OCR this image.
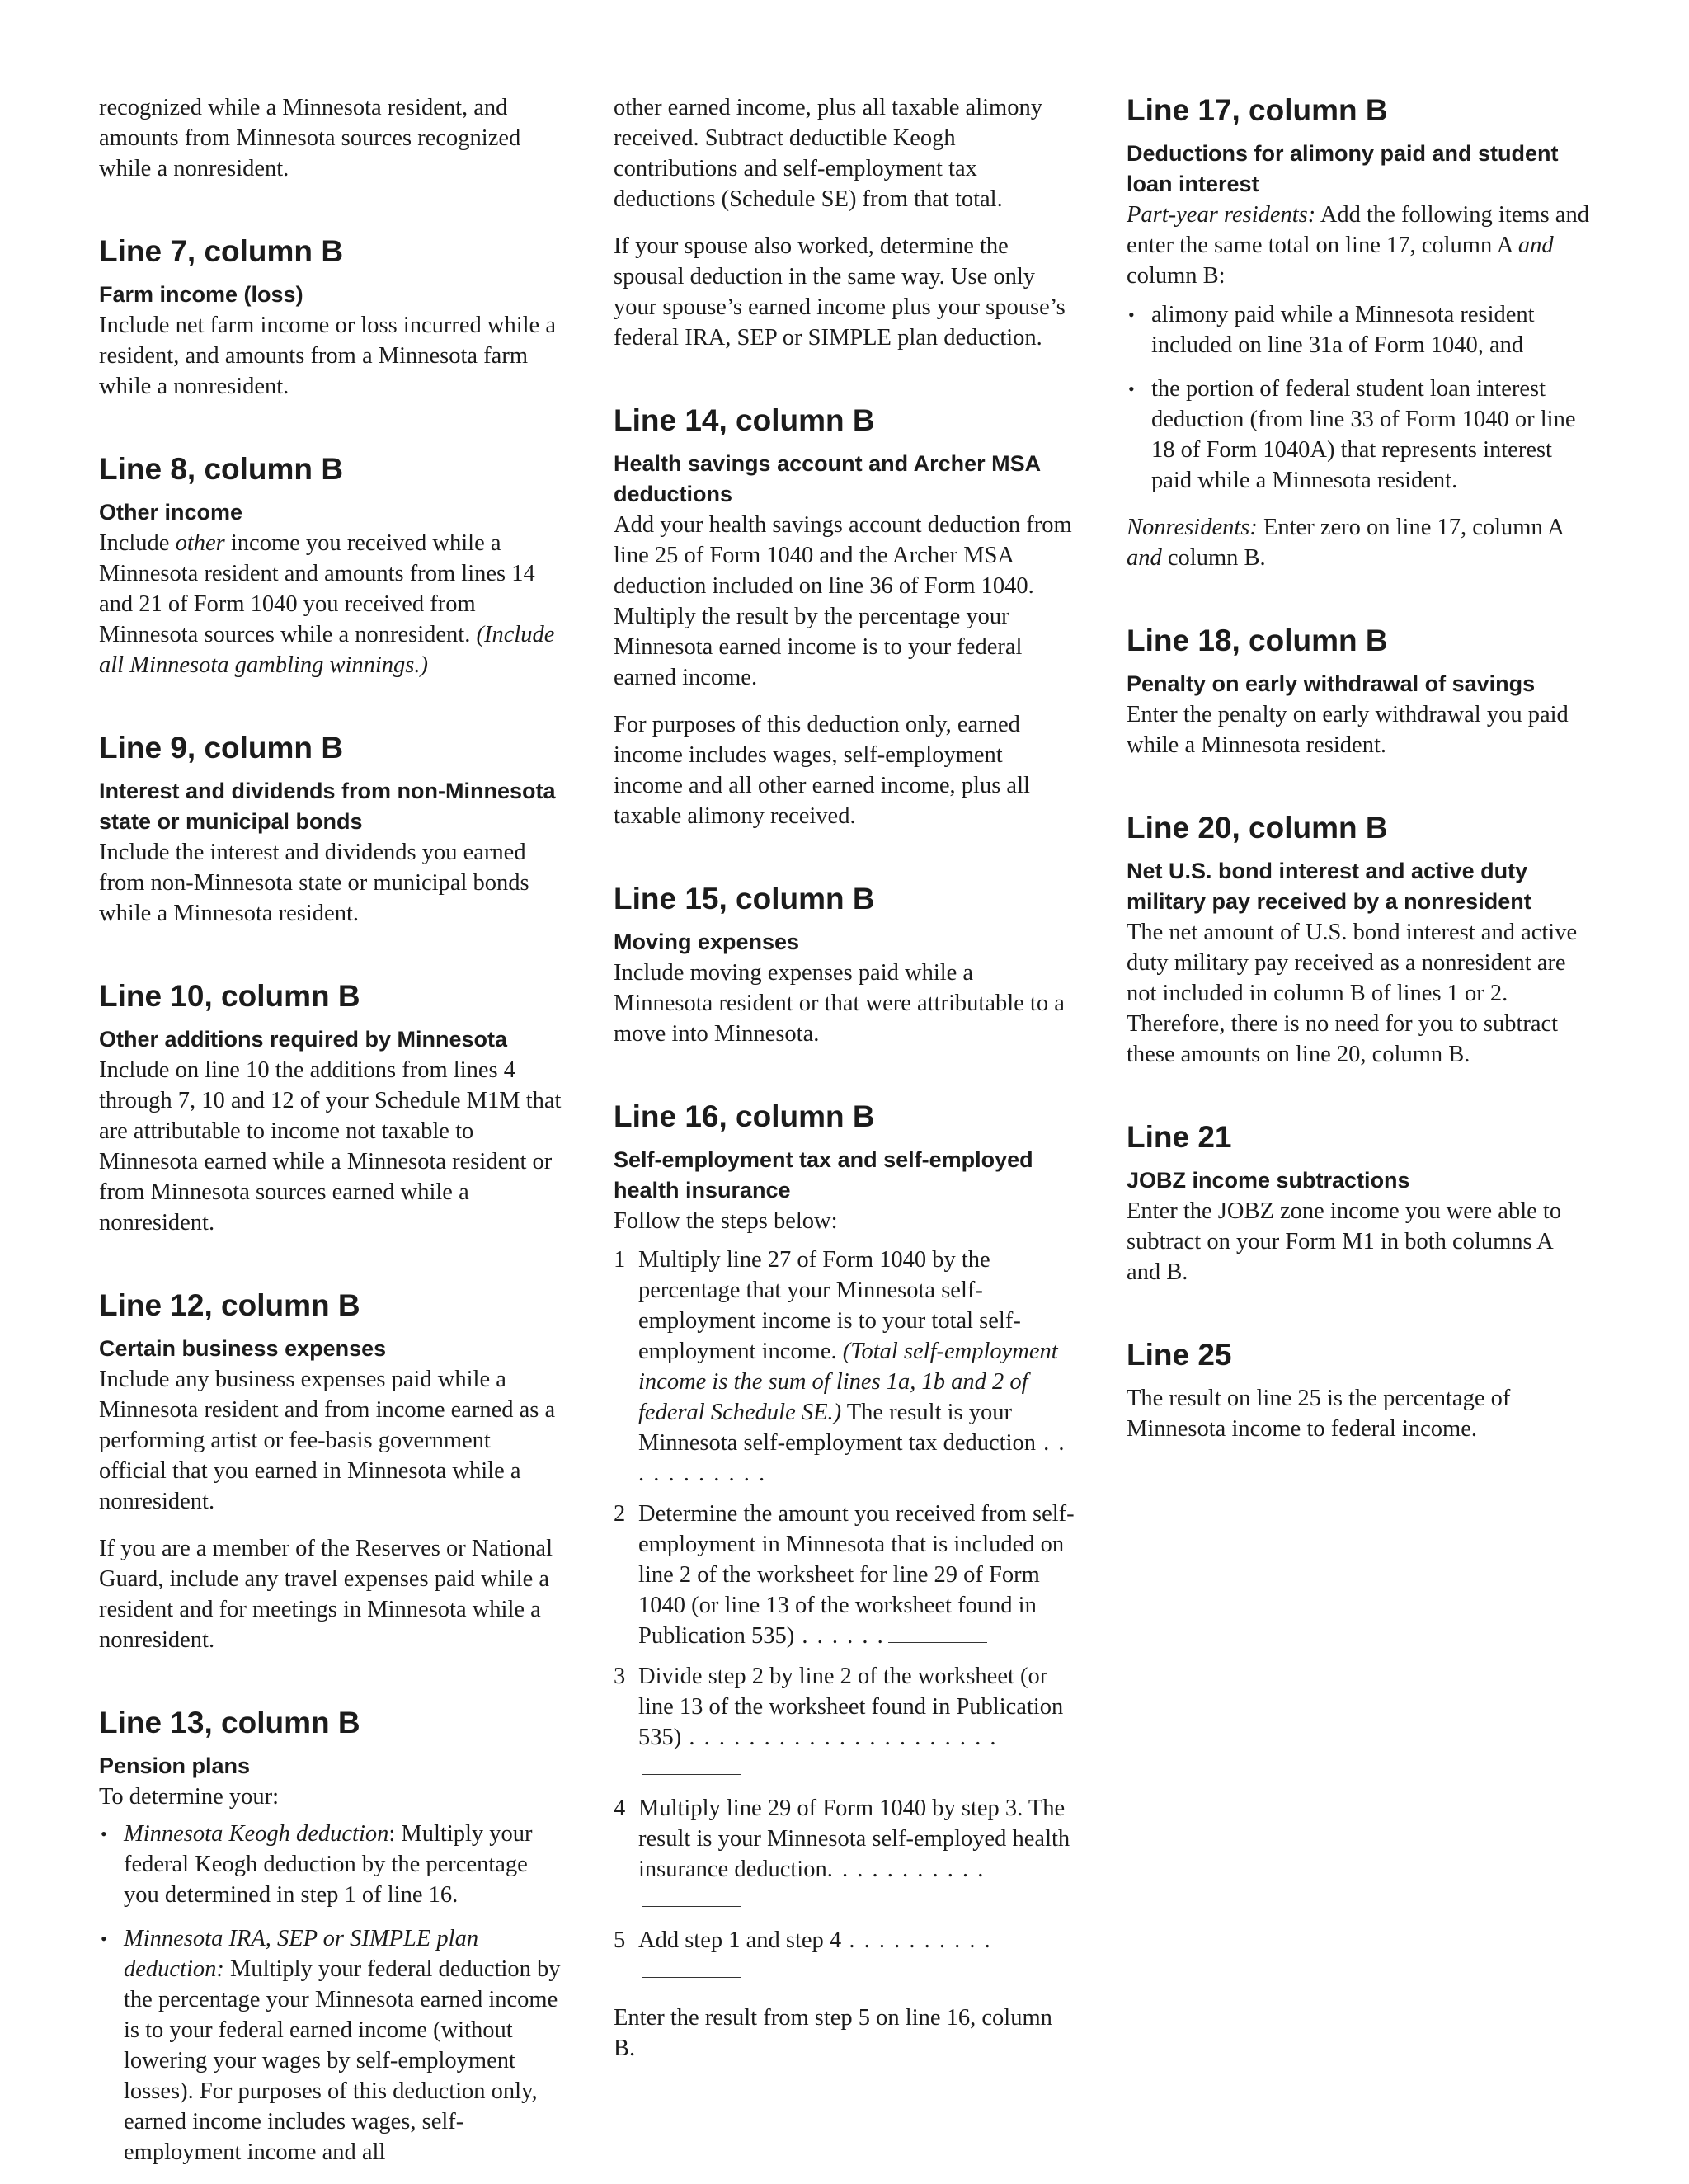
recognized while a Minnesota resident, and amounts from Minnesota sources recognized while a nonresident.

Line 7, column B
Farm income (loss)

Include net farm income or loss incurred while a resident, and amounts from a Minnesota farm while a nonresident.

Line 8, column B
Other income

Include other income you received while a Minnesota resident and amounts from lines 14 and 21 of Form 1040 you received from Minnesota sources while a nonresident. (Include all Minnesota gambling winnings.)

Line 9, column B
Interest and dividends from non-Minnesota state or municipal bonds

Include the interest and dividends you earned from non-Minnesota state or municipal bonds while a Minnesota resident.

Line 10, column B
Other additions required by Minnesota

Include on line 10 the additions from lines 4 through 7, 10 and 12 of your Schedule M1M that are attributable to income not taxable to Minnesota earned while a Minnesota resident or from Minnesota sources earned while a nonresident.

Line 12, column B
Certain business expenses

Include any business expenses paid while a Minnesota resident and from income earned as a performing artist or fee-basis government official that you earned in Minnesota while a nonresident.

If you are a member of the Reserves or National Guard, include any travel expenses paid while a resident and for meetings in Minnesota while a nonresident.

Line 13, column B
Pension plans

To determine your:

• Minnesota Keogh deduction: Multiply your federal Keogh deduction by the percentage you determined in step 1 of line 16.
• Minnesota IRA, SEP or SIMPLE plan deduction: Multiply your federal deduction by the percentage your Minnesota earned income is to your federal earned income (without lowering your wages by self-employment losses). For purposes of this deduction only, earned income includes wages, self-employment income and all

other earned income, plus all taxable alimony received. Subtract deductible Keogh contributions and self-employment tax deductions (Schedule SE) from that total.

If your spouse also worked, determine the spousal deduction in the same way. Use only your spouse’s earned income plus your spouse’s federal IRA, SEP or SIMPLE plan deduction.

Line 14, column B
Health savings account and Archer MSA deductions

Add your health savings account deduction from line 25 of Form 1040 and the Archer MSA deduction included on line 36 of Form 1040. Multiply the result by the percentage your Minnesota earned income is to your federal earned income.

For purposes of this deduction only, earned income includes wages, self-employment income and all other earned income, plus all taxable alimony received.

Line 15, column B
Moving expenses

Include moving expenses paid while a Minnesota resident or that were attributable to a move into Minnesota.

Line 16, column B
Self-employment tax and self-employed health insurance

Follow the steps below:

1 Multiply line 27 of Form 1040 by the percentage that your Minnesota self-employment income is to your total self-employment income. (Total self-employment income is the sum of lines 1a, 1b and 2 of federal Schedule SE.) The result is your Minnesota self-employment tax deduction . . . . . . . . . . .
2 Determine the amount you received from self-employment in Minnesota that is included on line 2 of the worksheet for line 29 of Form 1040 (or line 13 of the worksheet found in Publication 535) . . . . . .
3 Divide step 2 by line 2 of the worksheet (or line 13 of the worksheet found in Publication 535) . . . . . . . . . . . . . . . . . . . . .
4 Multiply line 29 of Form 1040 by step 3. The result is your Minnesota self-employed health insurance deduction. . . . . . . . . . .
5 Add step 1 and step 4 . . . . . . . . . .

Enter the result from step 5 on line 16, column B.

Line 17, column B
Deductions for alimony paid and student loan interest

Part-year residents: Add the following items and enter the same total on line 17, column A and column B:

• alimony paid while a Minnesota resident included on line 31a of Form 1040, and
• the portion of federal student loan interest deduction (from line 33 of Form 1040 or line 18 of Form 1040A) that represents interest paid while a Minnesota resident.

Nonresidents: Enter zero on line 17, column A and column B.

Line 18, column B
Penalty on early withdrawal of savings

Enter the penalty on early withdrawal you paid while a Minnesota resident.

Line 20, column B
Net U.S. bond interest and active duty military pay received by a nonresident

The net amount of U.S. bond interest and active duty military pay received as a nonresident are not included in column B of lines 1 or 2. Therefore, there is no need for you to subtract these amounts on line 20, column B.

Line 21
JOBZ income subtractions

Enter the JOBZ zone income you were able to subtract on your Form M1 in both columns A and B.

Line 25

The result on line 25 is the percentage of Minnesota income to federal income.
